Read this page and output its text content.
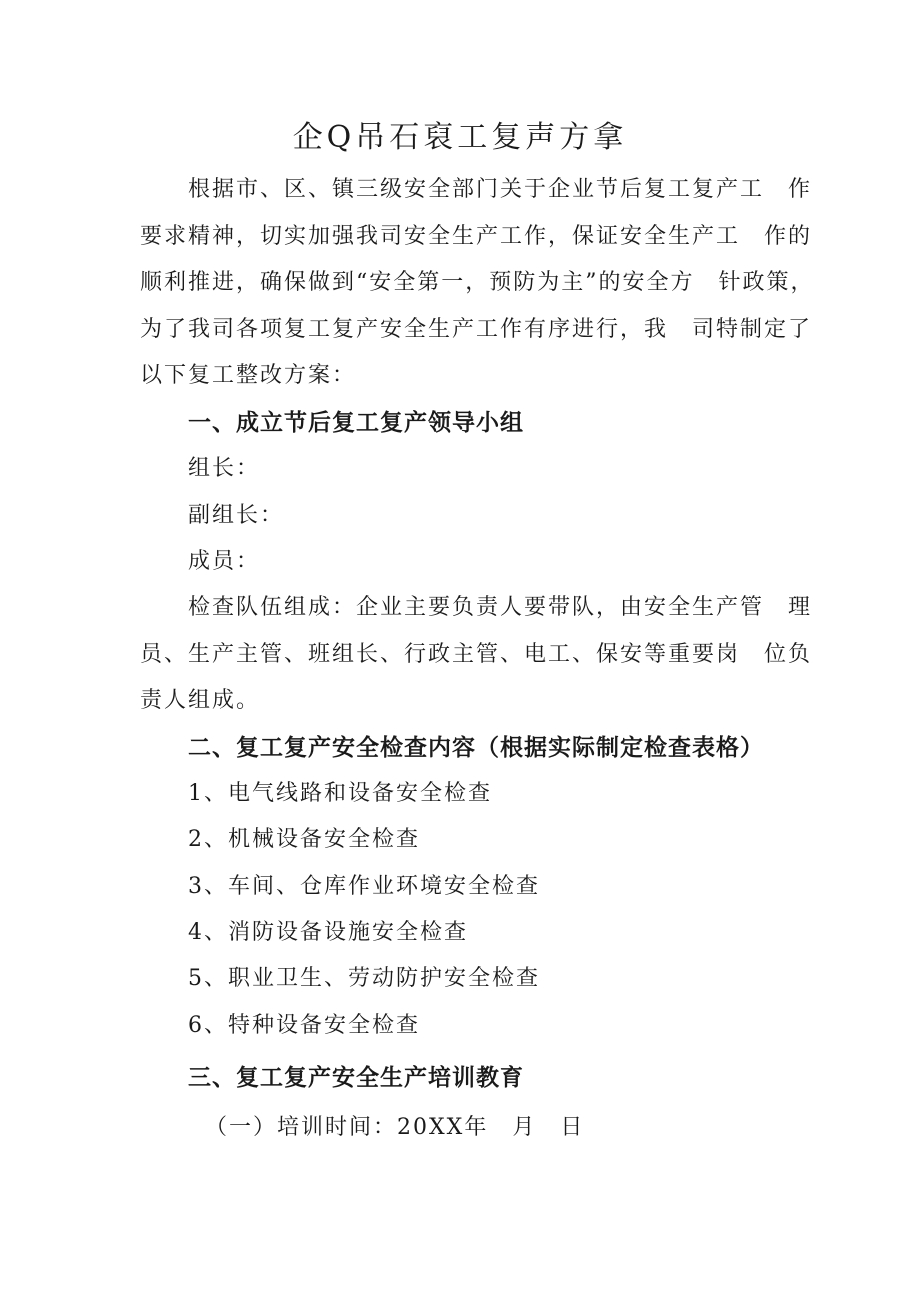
企Q吊石裒工复声方拿
根据市、区、镇三级安全部门关于企业节后复工复产工　作
要求精神，切实加强我司安全生产工作，保证安全生产工　作的
顺利推进，确保做到“安全第一，预防为主”的安全方　针政策，
为了我司各项复工复产安全生产工作有序进行，我　司特制定了
以下复工整改方案：
一、成立节后复工复产领导小组
组长：
副组长：
成员：
检查队伍组成：企业主要负责人要带队，由安全生产管　理
员、生产主管、班组长、行政主管、电工、保安等重要岗　位负
责人组成。
二、复工复产安全检查内容（根据实际制定检查表格）
1、电气线路和设备安全检查
2、机械设备安全检查
3、车间、仓库作业环境安全检查
4、消防设备设施安全检查
5、职业卫生、劳动防护安全检查
6、特种设备安全检查
三、复工复产安全生产培训教育
（一）培训时间：20XX年　月　日
